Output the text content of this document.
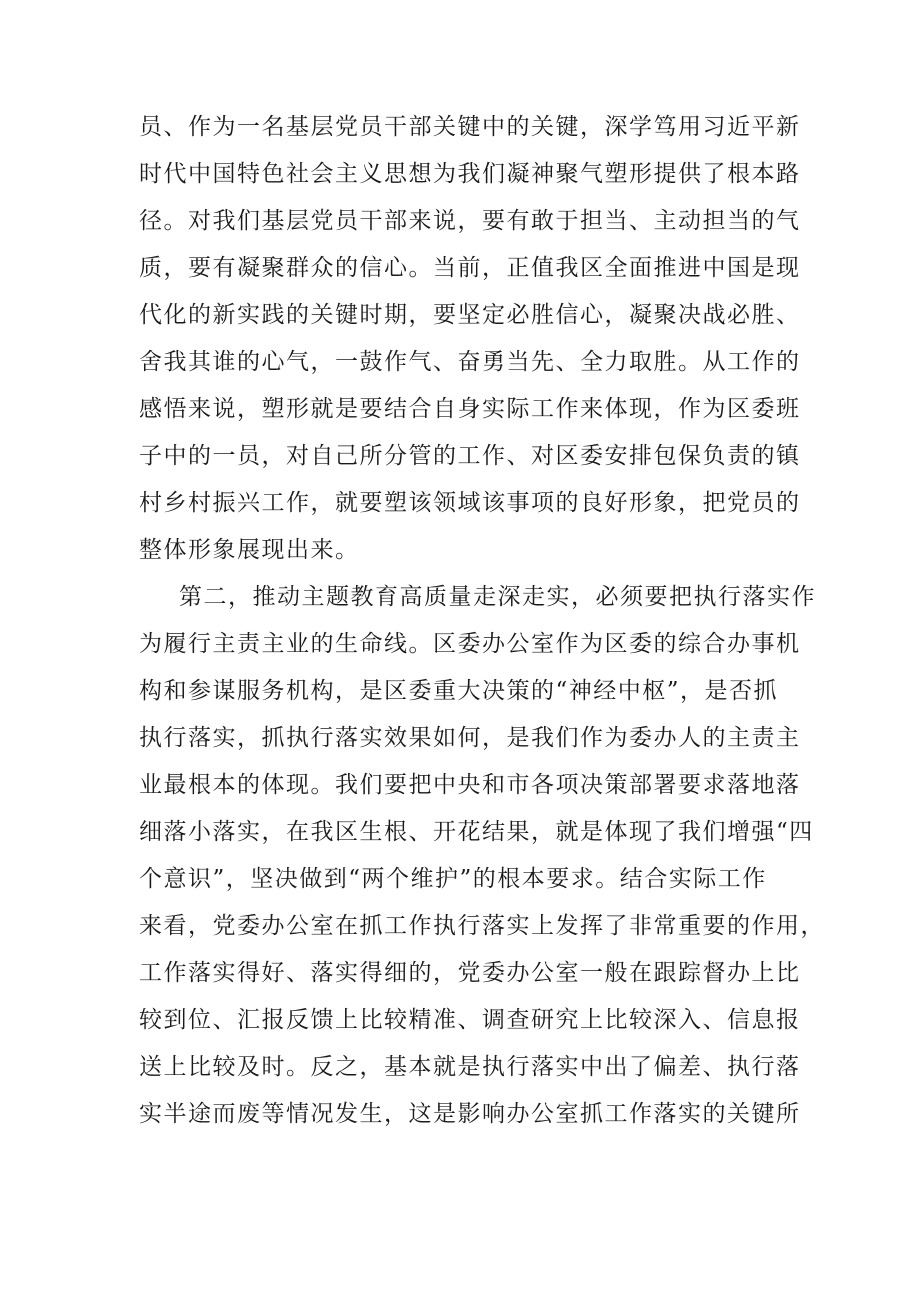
员、作为一名基层党员干部关键中的关键，深学笃用习近平新
时代中国特色社会主义思想为我们凝神聚气塑形提供了根本路
径。对我们基层党员干部来说，要有敢于担当、主动担当的气
质，要有凝聚群众的信心。当前，正值我区全面推进中国是现
代化的新实践的关键时期，要坚定必胜信心，凝聚决战必胜、
舍我其谁的心气，一鼓作气、奋勇当先、全力取胜。从工作的
感悟来说，塑形就是要结合自身实际工作来体现，作为区委班
子中的一员，对自己所分管的工作、对区委安排包保负责的镇
村乡村振兴工作，就要塑该领域该事项的良好形象，把党员的
整体形象展现出来。
第二，推动主题教育高质量走深走实，必须要把执行落实作
为履行主责主业的生命线。区委办公室作为区委的综合办事机
构和参谋服务机构，是区委重大决策的“神经中枢”，是否抓
执行落实，抓执行落实效果如何，是我们作为委办人的主责主
业最根本的体现。我们要把中央和市各项决策部署要求落地落
细落小落实，在我区生根、开花结果，就是体现了我们增强“四
个意识”，坚决做到“两个维护”的根本要求。结合实际工作
来看，党委办公室在抓工作执行落实上发挥了非常重要的作用，
工作落实得好、落实得细的，党委办公室一般在跟踪督办上比
较到位、汇报反馈上比较精准、调查研究上比较深入、信息报
送上比较及时。反之，基本就是执行落实中出了偏差、执行落
实半途而废等情况发生，这是影响办公室抓工作落实的关键所
